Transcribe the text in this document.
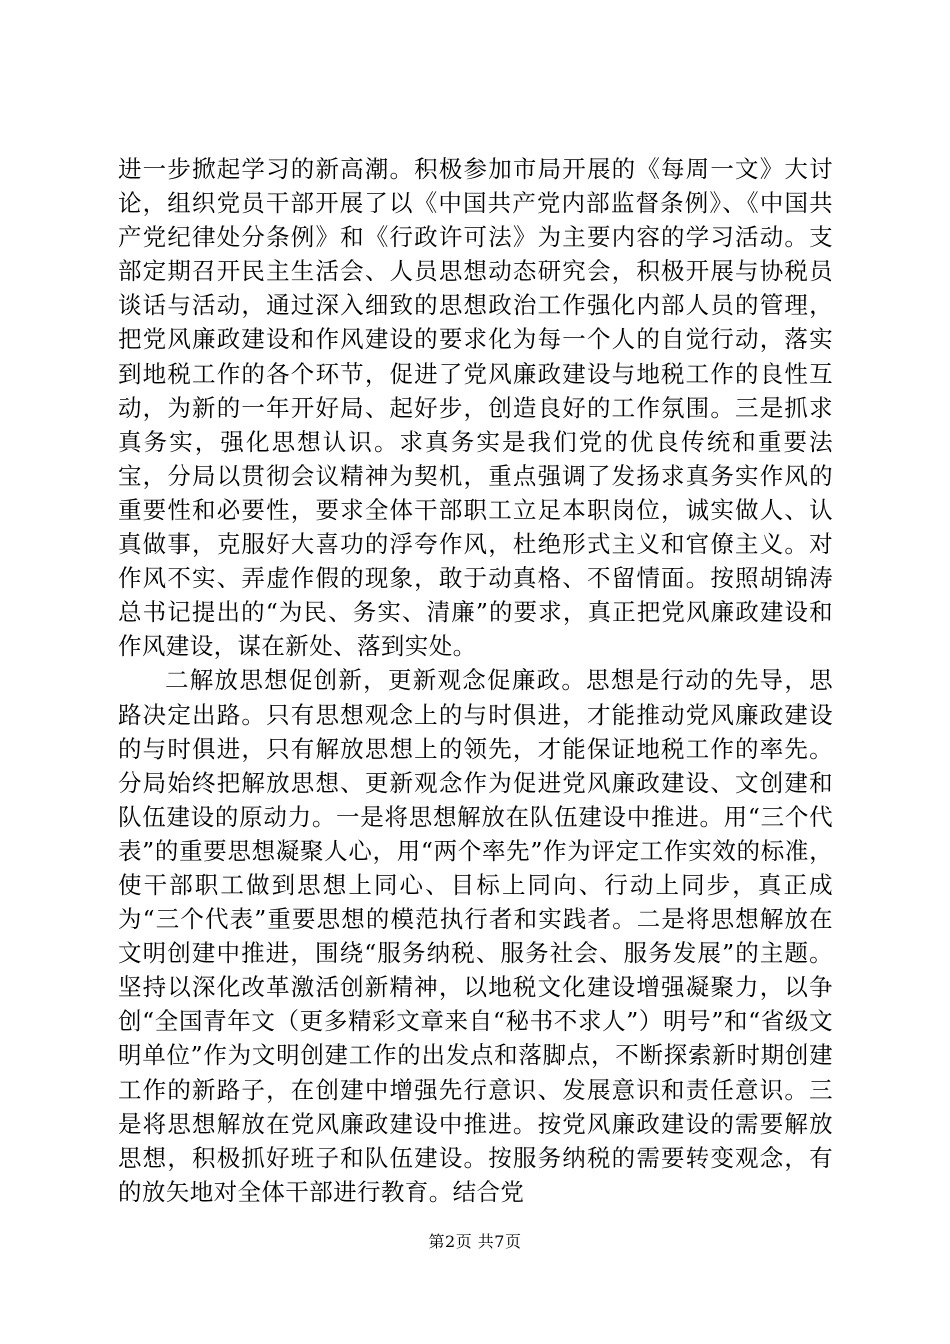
进一步掀起学习的新高潮。积极参加市局开展的《每周一文》大讨论，组织党员干部开展了以《中国共产党内部监督条例》、《中国共产党纪律处分条例》和《行政许可法》为主要内容的学习活动。支部定期召开民主生活会、人员思想动态研究会，积极开展与协税员谈话与活动，通过深入细致的思想政治工作强化内部人员的管理，把党风廉政建设和作风建设的要求化为每一个人的自觉行动，落实到地税工作的各个环节，促进了党风廉政建设与地税工作的良性互动，为新的一年开好局、起好步，创造良好的工作氛围。三是抓求真务实，强化思想认识。求真务实是我们党的优良传统和重要法宝，分局以贯彻会议精神为契机，重点强调了发扬求真务实作风的重要性和必要性，要求全体干部职工立足本职岗位，诚实做人、认真做事，克服好大喜功的浮夸作风，杜绝形式主义和官僚主义。对作风不实、弄虚作假的现象，敢于动真格、不留情面。按照胡锦涛总书记提出的“为民、务实、清廉”的要求，真正把党风廉政建设和作风建设，谋在新处、落到实处。

二解放思想促创新，更新观念促廉政。思想是行动的先导，思路决定出路。只有思想观念上的与时俱进，才能推动党风廉政建设的与时俱进，只有解放思想上的领先，才能保证地税工作的率先。分局始终把解放思想、更新观念作为促进党风廉政建设、文创建和队伍建设的原动力。一是将思想解放在队伍建设中推进。用“三个代表”的重要思想凝聚人心，用“两个率先”作为评定工作实效的标准，使干部职工做到思想上同心、目标上同向、行动上同步，真正成为“三个代表”重要思想的模范执行者和实践者。二是将思想解放在文明创建中推进，围绕“服务纳税、服务社会、服务发展”的主题。坚持以深化改革激活创新精神，以地税文化建设增强凝聚力，以争创“全国青年文（更多精彩文章来自“秘书不求人”）明号”和“省级文明单位”作为文明创建工作的出发点和落脚点，不断探索新时期创建工作的新路子，在创建中增强先行意识、发展意识和责任意识。三是将思想解放在党风廉政建设中推进。按党风廉政建设的需要解放思想，积极抓好班子和队伍建设。按服务纳税的需要转变观念，有的放矢地对全体干部进行教育。结合党

第2页 共7页
